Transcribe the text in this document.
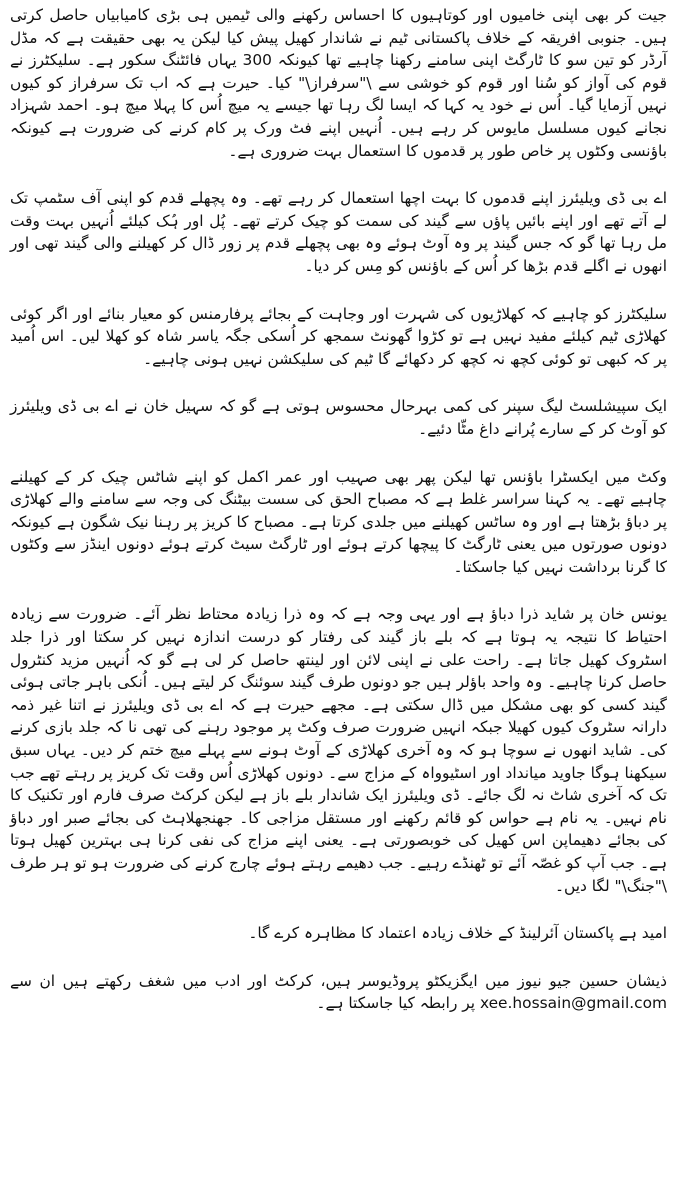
جیت کر بھی اپنی خامیوں اور کوتاہیوں کا احساس رکھنے والی ٹیمیں ہی بڑی کامیابیاں حاصل کرتی ہیں۔ جنوبی افریقہ کے خلاف پاکستانی ٹیم نے شاندار کھیل پیش کیا لیکن یہ بھی حقیقت ہے کہ مڈل آرڈر کو تین سو کا ٹارگٹ اپنی سامنے رکھنا چاہیے تھا کیونکہ 300 یہاں فائٹنگ سکور ہے۔ سلیکٹرز نے قوم کی آواز کو سُنا اور قوم کو خوشی سے \"سرفراز\" کیا۔ حیرت ہے کہ اب تک سرفراز کو کیوں نہیں آزمایا گیا۔ اُس نے خود یہ کہا کہ ایسا لگ رہا تھا جیسے یہ میچ اُس کا پہلا میچ ہو۔ احمد شہزاد نجانے کیوں مسلسل مایوس کر رہے ہیں۔ اُنہیں اپنے فٹ ورک پر کام کرنے کی ضرورت ہے کیونکہ باؤنسی وکٹوں پر خاص طور پر قدموں کا استعمال بہت ضروری ہے۔

اے بی ڈی ویلیئرز اپنے قدموں کا بہت اچھا استعمال کر رہے تھے۔ وہ پچھلے قدم کو اپنی آف سٹمپ تک لے آتے تھے اور اپنے بائیں پاؤں سے گیند کی سمت کو چیک کرتے تھے۔ پُل اور ہُک کیلئے اُنہیں بہت وقت مل رہا تھا گو کہ جس گیند پر وہ آوٹ ہوئے وہ بھی پچھلے قدم پر زور ڈال کر کھیلنے والی گیند تھی اور انھوں نے اگلے قدم بڑھا کر اُس کے باؤنس کو مِس کر دیا۔

سلیکٹرز کو چاہیے کہ کھلاڑیوں کی شہرت اور وجاہت کے بجائے پرفارمنس کو معیار بنائے اور اگر کوئی کھلاڑی ٹیم کیلئے مفید نہیں ہے تو کڑوا گھونٹ سمجھ کر اُسکی جگہ یاسر شاہ کو کھلا لیں۔ اس اُمید پر کہ کبھی تو کوئی کچھ نہ کچھ کر دکھائے گا ٹیم کی سلیکشن نہیں ہونی چاہیے۔

ایک سپیشلسٹ لیگ سپنر کی کمی بہرحال محسوس ہوتی ہے گو کہ سہیل خان نے اے بی ڈی ویلیئرز کو آوٹ کر کے سارے پُرانے داغ مٹّا دئیے۔

وکٹ میں ایکسٹرا باؤنس تھا لیکن پھر بھی صہیب اور عمر اکمل کو اپنے شاٹس چیک کر کے کھیلنے چاہیے تھے۔ یہ کہنا سراسر غلط ہے کہ مصباح الحق کی سست بیٹنگ کی وجہ سے سامنے والے کھلاڑی پر دباؤ بڑھتا ہے اور وہ ساٹس کھیلنے میں جلدی کرتا ہے۔ مصباح کا کریز پر رہنا نیک شگون ہے کیونکہ دونوں صورتوں میں یعنی ٹارگٹ کا پیچھا کرتے ہوئے اور ٹارگٹ سیٹ کرتے ہوئے دونوں اینڈز سے وکٹوں کا گرنا برداشت نہیں کیا جاسکتا۔

یونس خان پر شاید ذرا دباؤ ہے اور یہی وجہ ہے کہ وہ ذرا زیادہ محتاط نظر آئے۔ ضرورت سے زیادہ احتیاط کا نتیجہ یہ ہوتا ہے کہ بلے باز گیند کی رفتار کو درست اندازہ نہیں کر سکتا اور ذرا جلد اسٹروک کھیل جاتا ہے۔ راحت علی نے اپنی لائن اور لینتھ حاصل کر لی ہے گو کہ اُنہیں مزید کنٹرول حاصل کرنا چاہیے۔ وہ واحد باؤلر ہیں جو دونوں طرف گیند سوئنگ کر لیتے ہیں۔ اُنکی باہر جاتی ہوئی گیند کسی کو بھی مشکل میں ڈال سکتی ہے۔ مجھے حیرت ہے کہ اے بی ڈی ویلیئرز نے اتنا غیر ذمہ دارانہ سٹروک کیوں کھیلا جبکہ انہیں ضرورت صرف وکٹ پر موجود رہنے کی تھی نا کہ جلد بازی کرنے کی۔ شاید انھوں نے سوچا ہو کہ وہ آخری کھلاڑی کے آوٹ ہونے سے پہلے میچ ختم کر دیں۔ یہاں سبق سیکھنا ہوگا جاوید میانداد اور اسٹیوواہ کے مزاج سے۔ دونوں کھلاڑی اُس وقت تک کریز پر رہتے تھے جب تک کہ آخری شاٹ نہ لگ جائے۔ ڈی ویلیئرز ایک شاندار بلے باز ہے لیکن کرکٹ صرف فارم اور تکنیک کا نام نہیں۔ یہ نام ہے حواس کو قائم رکھنے اور مستقل مزاجی کا۔ جھنجھلاہٹ کی بجائے صبر اور دباؤ کی بجائے دھیماپن اس کھیل کی خوبصورتی ہے۔ یعنی اپنے مزاج کی نفی کرنا ہی بہترین کھیل ہوتا ہے۔ جب آپ کو غصّہ آئے تو ٹھنڈے رہیے۔ جب دھیمے رہتے ہوئے چارج کرنے کی ضرورت ہو تو ہر طرف \"جنگ\" لگا دیں۔

امید ہے پاکستان آئرلینڈ کے خلاف زیادہ اعتماد کا مظاہرہ کرے گا۔

ذیشان حسین جیو نیوز میں ایگزیکٹو پروڈیوسر ہیں، کرکٹ اور ادب میں شغف رکھتے ہیں ان سے xee.hossain@gmail.com پر رابطہ کیا جاسکتا ہے۔
